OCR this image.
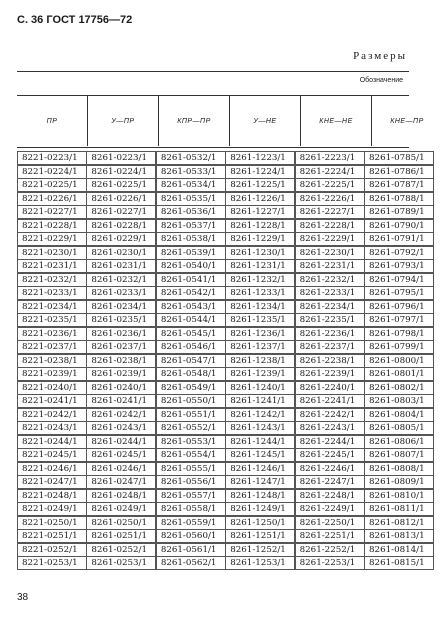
С. 36 ГОСТ 17756—72
Размеры
Обозначение
ПР	У—ПР	КПР—ПР	У—НЕ	КНЕ—НЕ	КНЕ—ПР
8221-0223/1	8261-0223/1	8261-0532/1	8261-1223/1	8261-2223/1	8261-0785/1
8221-0224/1	8261-0224/1	8261-0533/1	8261-1224/1	8261-2224/1	8261-0786/1
8221-0225/1	8261-0225/1	8261-0534/1	8261-1225/1	8261-2225/1	8261-0787/1
8221-0226/1	8261-0226/1	8261-0535/1	8261-1226/1	8261-2226/1	8261-0788/1
8221-0227/1	8261-0227/1	8261-0536/1	8261-1227/1	8261-2227/1	8261-0789/1
8221-0228/1	8261-0228/1	8261-0537/1	8261-1228/1	8261-2228/1	8261-0790/1
8221-0229/1	8261-0229/1	8261-0538/1	8261-1229/1	8261-2229/1	8261-0791/1
8221-0230/1	8261-0230/1	8261-0539/1	8261-1230/1	8261-2230/1	8261-0792/1
8221-0231/1	8261-0231/1	8261-0540/1	8261-1231/1	8261-2231/1	8261-0793/1
8221-0232/1	8261-0232/1	8261-0541/1	8261-1232/1	8261-2232/1	8261-0794/1
8221-0233/1	8261-0233/1	8261-0542/1	8261-1233/1	8261-2233/1	8261-0795/1
8221-0234/1	8261-0234/1	8261-0543/1	8261-1234/1	8261-2234/1	8261-0796/1
8221-0235/1	8261-0235/1	8261-0544/1	8261-1235/1	8261-2235/1	8261-0797/1
8221-0236/1	8261-0236/1	8261-0545/1	8261-1236/1	8261-2236/1	8261-0798/1
8221-0237/1	8261-0237/1	8261-0546/1	8261-1237/1	8261-2237/1	8261-0799/1
8221-0238/1	8261-0238/1	8261-0547/1	8261-1238/1	8261-2238/1	8261-0800/1
8221-0239/1	8261-0239/1	8261-0548/1	8261-1239/1	8261-2239/1	8261-0801/1
8221-0240/1	8261-0240/1	8261-0549/1	8261-1240/1	8261-2240/1	8261-0802/1
8221-0241/1	8261-0241/1	8261-0550/1	8261-1241/1	8261-2241/1	8261-0803/1
8221-0242/1	8261-0242/1	8261-0551/1	8261-1242/1	8261-2242/1	8261-0804/1
8221-0243/1	8261-0243/1	8261-0552/1	8261-1243/1	8261-2243/1	8261-0805/1
8221-0244/1	8261-0244/1	8261-0553/1	8261-1244/1	8261-2244/1	8261-0806/1
8221-0245/1	8261-0245/1	8261-0554/1	8261-1245/1	8261-2245/1	8261-0807/1
8221-0246/1	8261-0246/1	8261-0555/1	8261-1246/1	8261-2246/1	8261-0808/1
8221-0247/1	8261-0247/1	8261-0556/1	8261-1247/1	8261-2247/1	8261-0809/1
8221-0248/1	8261-0248/1	8261-0557/1	8261-1248/1	8261-2248/1	8261-0810/1
8221-0249/1	8261-0249/1	8261-0558/1	8261-1249/1	8261-2249/1	8261-0811/1
8221-0250/1	8261-0250/1	8261-0559/1	8261-1250/1	8261-2250/1	8261-0812/1
8221-0251/1	8261-0251/1	8261-0560/1	8261-1251/1	8261-2251/1	8261-0813/1
8221-0252/1	8261-0252/1	8261-0561/1	8261-1252/1	8261-2252/1	8261-0814/1
8221-0253/1	8261-0253/1	8261-0562/1	8261-1253/1	8261-2253/1	8261-0815/1
38
